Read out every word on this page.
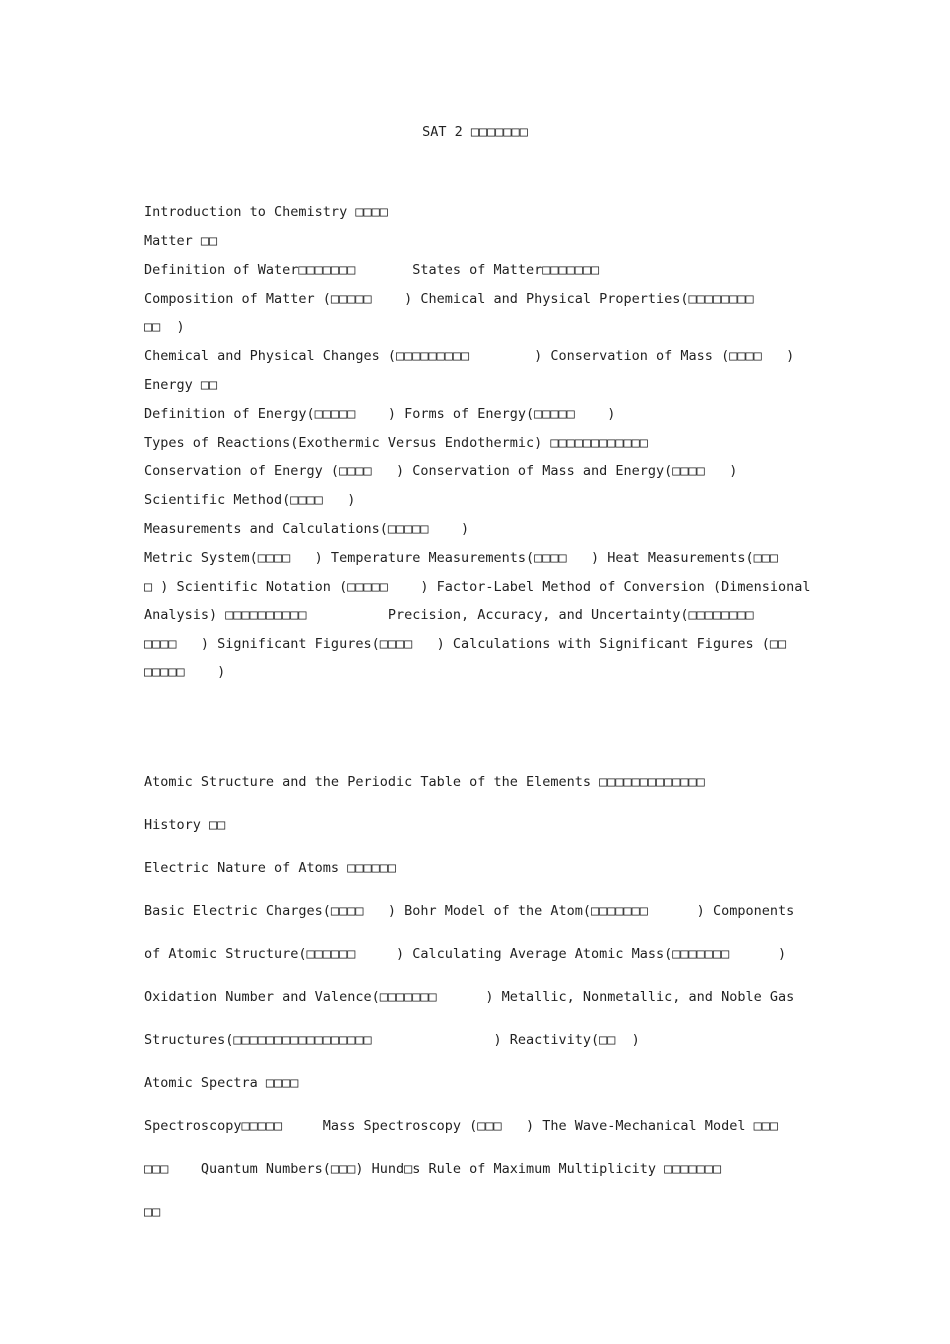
SAT 2 □□□□□□□
Introduction to Chemistry □□□□
Matter □□
Definition of Water□□□□□□□       States of Matter□□□□□□□
Composition of Matter (□□□□□    ) Chemical and Physical Properties(□□□□□□□□
□□  )
Chemical and Physical Changes (□□□□□□□□□        ) Conservation of Mass (□□□□   )
Energy □□
Definition of Energy(□□□□□    ) Forms of Energy(□□□□□    )
Types of Reactions(Exothermic Versus Endothermic) □□□□□□□□□□□□
Conservation of Energy (□□□□   ) Conservation of Mass and Energy(□□□□   )
Scientific Method(□□□□   )
Measurements and Calculations(□□□□□    )
Metric System(□□□□   ) Temperature Measurements(□□□□   ) Heat Measurements(□□□
□ ) Scientific Notation (□□□□□    ) Factor-Label Method of Conversion (Dimensional
Analysis) □□□□□□□□□□          Precision, Accuracy, and Uncertainty(□□□□□□□□
□□□□   ) Significant Figures(□□□□   ) Calculations with Significant Figures (□□
□□□□□    )
Atomic Structure and the Periodic Table of the Elements □□□□□□□□□□□□□
History □□
Electric Nature of Atoms □□□□□□
Basic Electric Charges(□□□□   ) Bohr Model of the Atom(□□□□□□□      ) Components
of Atomic Structure(□□□□□□     ) Calculating Average Atomic Mass(□□□□□□□      )
Oxidation Number and Valence(□□□□□□□      ) Metallic, Nonmetallic, and Noble Gas
Structures(□□□□□□□□□□□□□□□□□               ) Reactivity(□□  )
Atomic Spectra □□□□
Spectroscopy□□□□□     Mass Spectroscopy (□□□   ) The Wave-Mechanical Model □□□
□□□    Quantum Numbers(□□□) Hund□s Rule of Maximum Multiplicity □□□□□□□
□□
